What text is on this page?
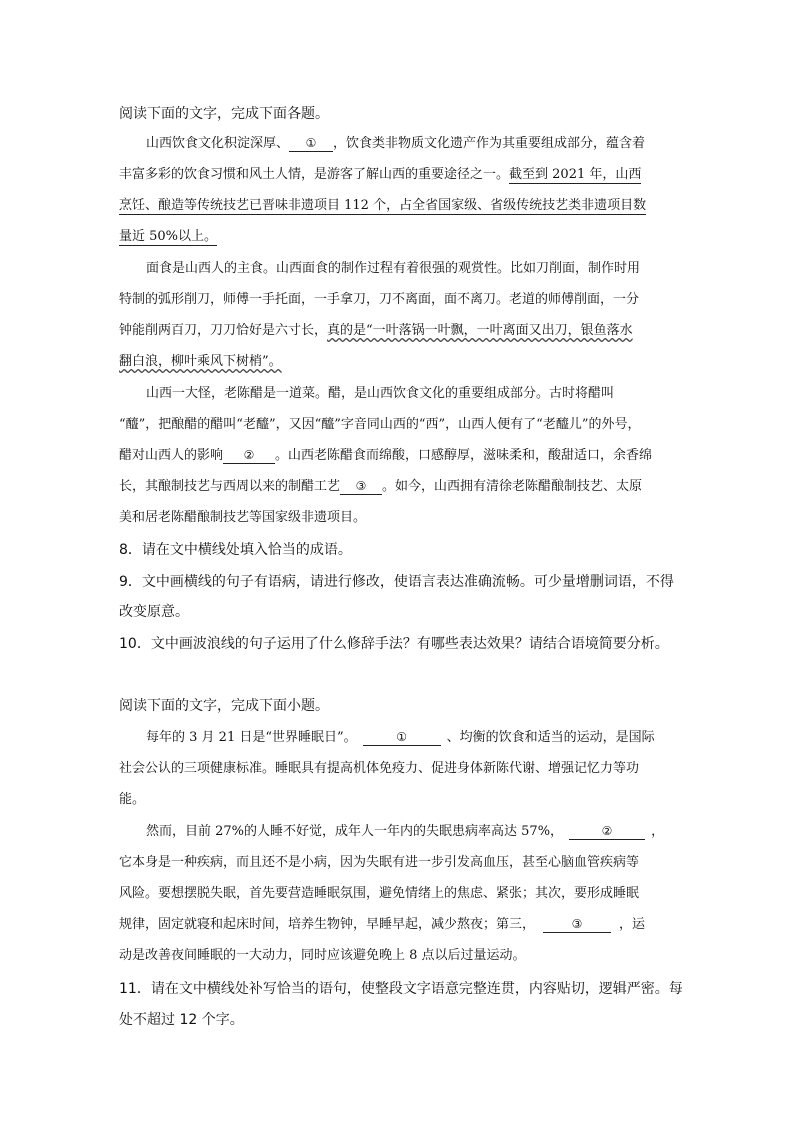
阅读下面的文字，完成下面各题。
山西饮食文化积淀深厚、 ① ，饮食类非物质文化遗产作为其重要组成部分，蕴含着
丰富多彩的饮食习惯和风土人情，是游客了解山西的重要途径之一。截至到 2021 年，山西
烹饪、酿造等传统技艺已晋味非遗项目 112 个，占全省国家级、省级传统技艺类非遗项目数
量近 50%以上。
面食是山西人的主食。山西面食的制作过程有着很强的观赏性。比如刀削面，制作时用
特制的弧形削刀，师傅一手托面，一手拿刀，刀不离面，面不离刀。老道的师傅削面，一分
钟能削两百刀，刀刀恰好是六寸长，真的是“一叶落锅一叶飘，一叶离面又出刀，银鱼落水
翻白浪，柳叶乘风下树梢”。
山西一大怪，老陈醋是一道菜。醋，是山西饮食文化的重要组成部分。古时将醋叫
“醯”，把酿醋的醋叫“老醯”，又因“醯”字音同山西的“西”，山西人便有了“老醯儿”的外号，
醋对山西人的影响 ② 。山西老陈醋食而绵酸，口感醇厚，滋味柔和，酸甜适口，余香绵
长，其酿制技艺与西周以来的制醋工艺 ③ 。如今，山西拥有清徐老陈醋酿制技艺、太原
美和居老陈醋酿制技艺等国家级非遗项目。
8．请在文中横线处填入恰当的成语。
9．文中画横线的句子有语病，请进行修改，使语言表达准确流畅。可少量增删词语，不得
改变原意。
10．文中画波浪线的句子运用了什么修辞手法？有哪些表达效果？请结合语境简要分析。
阅读下面的文字，完成下面小题。
每年的 3 月 21 日是“世界睡眠日”。	①	、均衡的饮食和适当的运动，是国际
社会公认的三项健康标准。睡眠具有提高机体免疫力、促进身体新陈代谢、增强记忆力等功
能。
然而，目前 27%的人睡不好觉，成年人一年内的失眠患病率高达 57%，	②	，
它本身是一种疾病，而且还不是小病，因为失眠有进一步引发高血压，甚至心脑血管疾病等
风险。要想摆脱失眠，首先要营造睡眠氛围，避免情绪上的焦虑、紧张；其次，要形成睡眠
规律，固定就寝和起床时间，培养生物钟，早睡早起，减少熬夜；第三，	③	，运
动是改善夜间睡眠的一大动力，同时应该避免晚上 8 点以后过量运动。
11．请在文中横线处补写恰当的语句，使整段文字语意完整连贯，内容贴切，逻辑严密。每
处不超过 12 个字。
